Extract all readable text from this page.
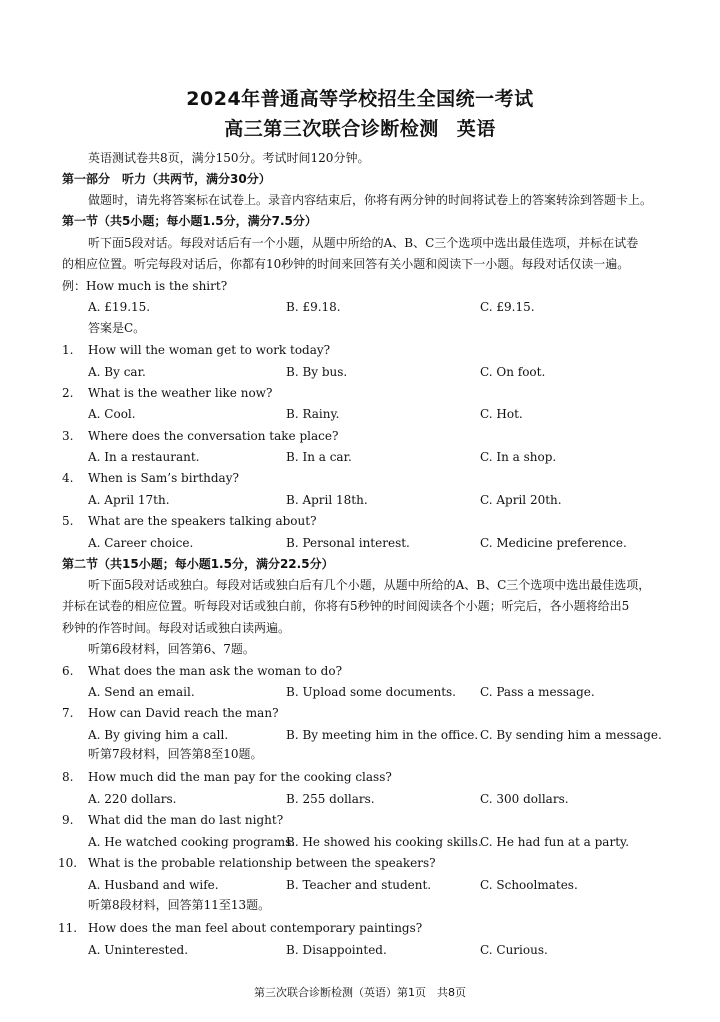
2024年普通高等学校招生全国统一考试
高三第三次联合诊断检测 英语
英语测试卷共8页，满分150分。考试时间120分钟。
第一部分　听力（共两节，满分30分）
做题时，请先将答案标在试卷上。录音内容结束后，你将有两分钟的时间将试卷上的答案转涂到答题卡上。
第一节（共5小题；每小题1.5分，满分7.5分）
听下面5段对话。每段对话后有一个小题，从题中所给的A、B、C三个选项中选出最佳选项，并标在试卷
的相应位置。听完每段对话后，你都有10秒钟的时间来回答有关小题和阅读下一小题。每段对话仅读一遍。
例：How much is the shirt?
A. £19.15.	B. £9.18.	C. £9.15.
答案是C。
1. How will the woman get to work today?
A. By car.	B. By bus.	C. On foot.
2. What is the weather like now?
A. Cool.	B. Rainy.	C. Hot.
3. Where does the conversation take place?
A. In a restaurant.	B. In a car.	C. In a shop.
4. When is Sam’s birthday?
A. April 17th.	B. April 18th.	C. April 20th.
5. What are the speakers talking about?
A. Career choice.	B. Personal interest.	C. Medicine preference.
第二节（共15小题；每小题1.5分，满分22.5分）
听下面5段对话或独白。每段对话或独白后有几个小题，从题中所给的A、B、C三个选项中选出最佳选项，
并标在试卷的相应位置。听每段对话或独白前，你将有5秒钟的时间阅读各个小题；听完后，各小题将给出5
秒钟的作答时间。每段对话或独白读两遍。
听第6段材料，回答第6、7题。
6. What does the man ask the woman to do?
A. Send an email.	B. Upload some documents. C. Pass a message.
7. How can David reach the man?
A. By giving him a call.	B. By meeting him in the office. C. By sending him a message.
听第7段材料，回答第8至10题。
8. How much did the man pay for the cooking class?
A. 220 dollars.	B. 255 dollars.	C. 300 dollars.
9. What did the man do last night?
A. He watched cooking programs.
B. He showed his cooking skills.
C. He had fun at a party.
10. What is the probable relationship between the speakers?
A. Husband and wife.	B. Teacher and student.	C. Schoolmates.
听第8段材料，回答第11至13题。
11. How does the man feel about contemporary paintings?
A. Uninterested.	B. Disappointed.	C. Curious.
第三次联合诊断检测（英语）第1页　共8页
